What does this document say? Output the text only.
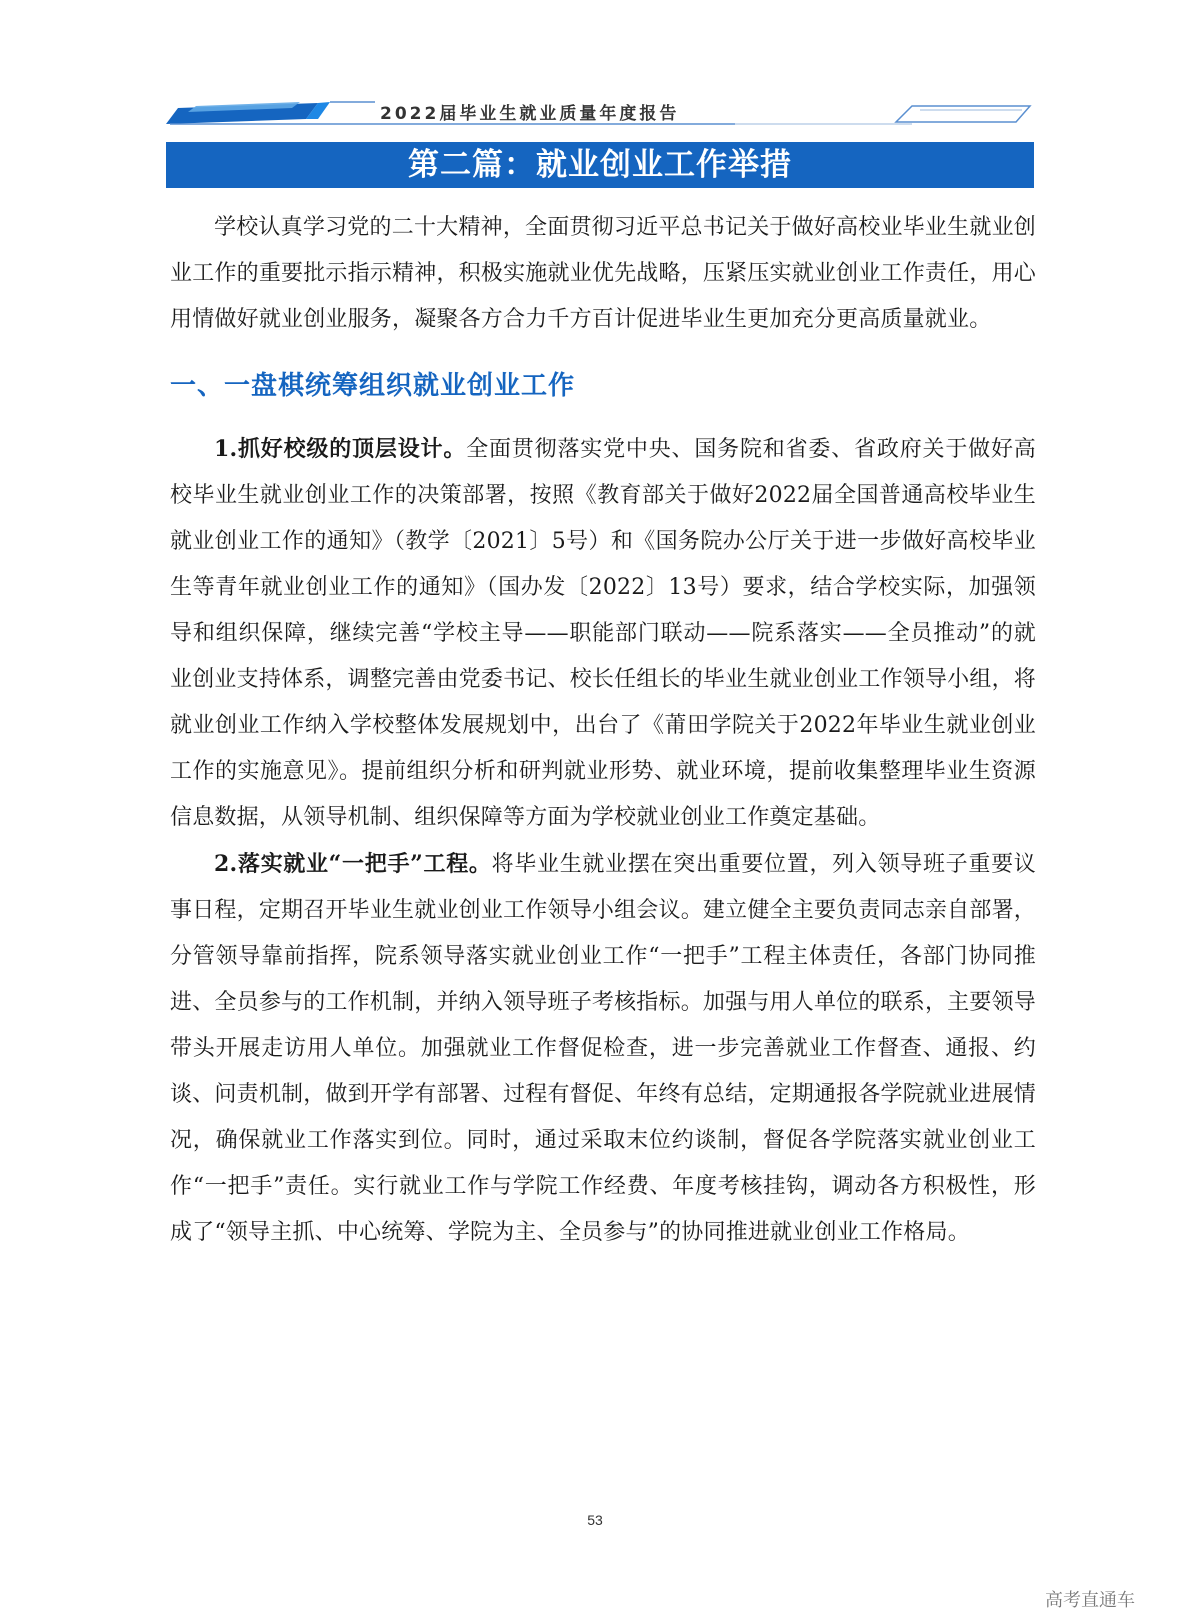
2022届毕业生就业质量年度报告
第二篇：就业创业工作举措

学校认真学习党的二十大精神，全面贯彻习近平总书记关于做好高校业毕业生就业创业工作的重要批示指示精神，积极实施就业优先战略，压紧压实就业创业工作责任，用心用情做好就业创业服务，凝聚各方合力千方百计促进毕业生更加充分更高质量就业。

一、一盘棋统筹组织就业创业工作

1.抓好校级的顶层设计。全面贯彻落实党中央、国务院和省委、省政府关于做好高校毕业生就业创业工作的决策部署，按照《教育部关于做好2022届全国普通高校毕业生就业创业工作的通知》（教学〔2021〕5号）和《国务院办公厅关于进一步做好高校毕业生等青年就业创业工作的通知》（国办发〔2022〕13号）要求，结合学校实际，加强领导和组织保障，继续完善“学校主导——职能部门联动——院系落实——全员推动”的就业创业支持体系，调整完善由党委书记、校长任组长的毕业生就业创业工作领导小组，将就业创业工作纳入学校整体发展规划中，出台了《莆田学院关于2022年毕业生就业创业工作的实施意见》。提前组织分析和研判就业形势、就业环境，提前收集整理毕业生资源信息数据，从领导机制、组织保障等方面为学校就业创业工作奠定基础。

2.落实就业“一把手”工程。将毕业生就业摆在突出重要位置，列入领导班子重要议事日程，定期召开毕业生就业创业工作领导小组会议。建立健全主要负责同志亲自部署，分管领导靠前指挥，院系领导落实就业创业工作“一把手”工程主体责任，各部门协同推进、全员参与的工作机制，并纳入领导班子考核指标。加强与用人单位的联系，主要领导带头开展走访用人单位。加强就业工作督促检查，进一步完善就业工作督查、通报、约谈、问责机制，做到开学有部署、过程有督促、年终有总结，定期通报各学院就业进展情况，确保就业工作落实到位。同时，通过采取末位约谈制，督促各学院落实就业创业工作“一把手”责任。实行就业工作与学院工作经费、年度考核挂钩，调动各方积极性，形成了“领导主抓、中心统筹、学院为主、全员参与”的协同推进就业创业工作格局。

53
高考直通车
